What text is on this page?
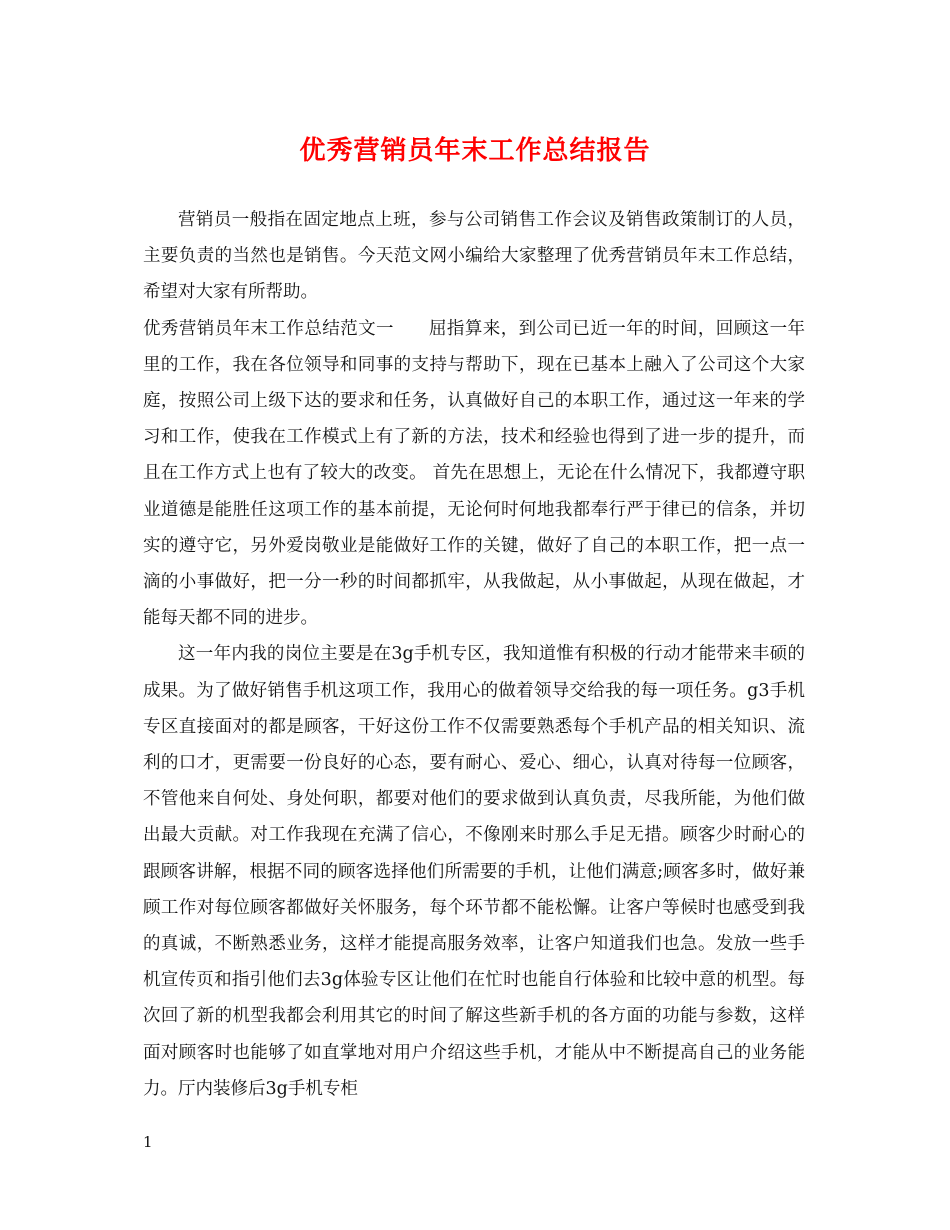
优秀营销员年末工作总结报告

营销员一般指在固定地点上班，参与公司销售工作会议及销售政策制订的人员，主要负责的当然也是销售。今天范文网小编给大家整理了优秀营销员年末工作总结，希望对大家有所帮助。

优秀营销员年末工作总结范文一 屈指算来，到公司已近一年的时间，回顾这一年里的工作，我在各位领导和同事的支持与帮助下，现在已基本上融入了公司这个大家庭，按照公司上级下达的要求和任务，认真做好自己的本职工作，通过这一年来的学习和工作，使我在工作模式上有了新的方法，技术和经验也得到了进一步的提升，而且在工作方式上也有了较大的改变。 首先在思想上，无论在什么情况下，我都遵守职业道德是能胜任这项工作的基本前提，无论何时何地我都奉行严于律已的信条，并切实的遵守它，另外爱岗敬业是能做好工作的关键，做好了自己的本职工作，把一点一滴的小事做好，把一分一秒的时间都抓牢，从我做起，从小事做起，从现在做起，才能每天都不同的进步。

这一年内我的岗位主要是在3g手机专区，我知道惟有积极的行动才能带来丰硕的成果。为了做好销售手机这项工作，我用心的做着领导交给我的每一项任务。g3手机专区直接面对的都是顾客，干好这份工作不仅需要熟悉每个手机产品的相关知识、流利的口才，更需要一份良好的心态，要有耐心、爱心、细心，认真对待每一位顾客，不管他来自何处、身处何职，都要对他们的要求做到认真负责，尽我所能，为他们做出最大贡献。对工作我现在充满了信心，不像刚来时那么手足无措。顾客少时耐心的跟顾客讲解，根据不同的顾客选择他们所需要的手机，让他们满意;顾客多时，做好兼顾工作对每位顾客都做好关怀服务，每个环节都不能松懈。让客户等候时也感受到我的真诚，不断熟悉业务，这样才能提高服务效率，让客户知道我们也急。发放一些手机宣传页和指引他们去3g体验专区让他们在忙时也能自行体验和比较中意的机型。每次回了新的机型我都会利用其它的时间了解这些新手机的各方面的功能与参数，这样面对顾客时也能够了如直掌地对用户介绍这些手机，才能从中不断提高自己的业务能力。厅内装修后3g手机专柜

1
